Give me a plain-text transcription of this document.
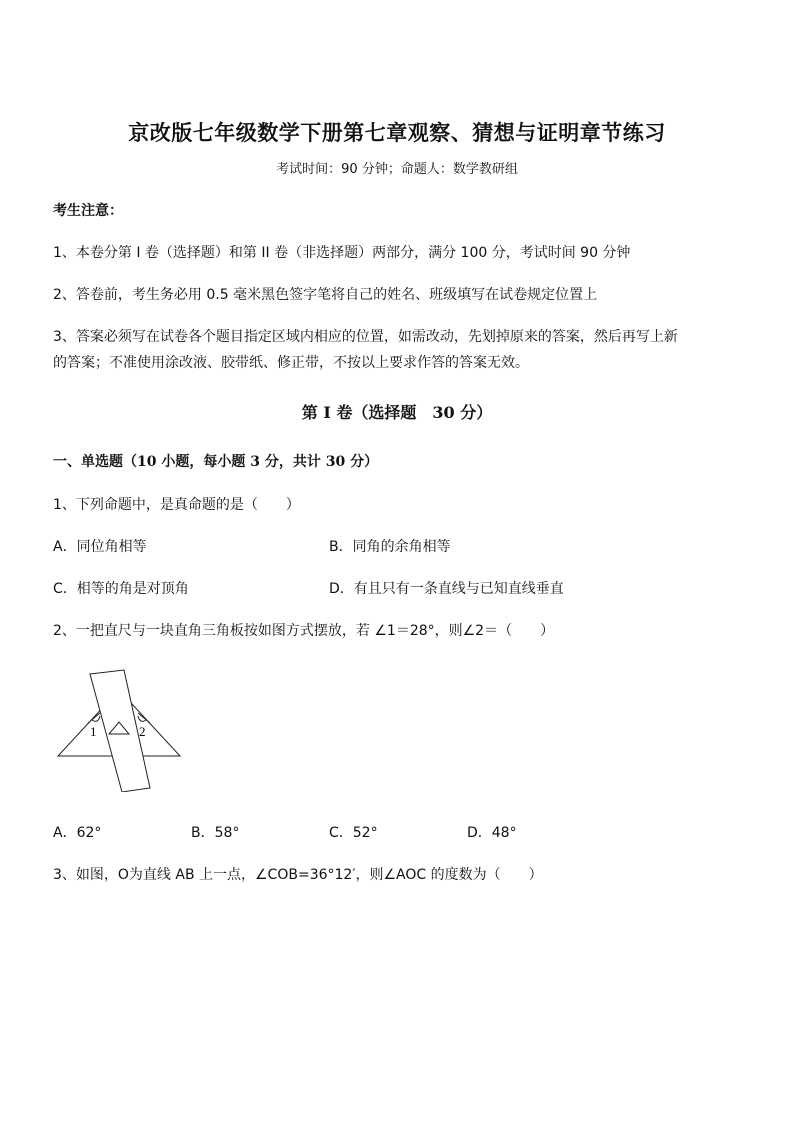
京改版七年级数学下册第七章观察、猜想与证明章节练习
考试时间：90 分钟；命题人：数学教研组
考生注意：
1、本卷分第 I 卷（选择题）和第 II 卷（非选择题）两部分，满分 100 分，考试时间 90 分钟
2、答卷前，考生务必用 0.5 毫米黑色签字笔将自己的姓名、班级填写在试卷规定位置上
3、答案必须写在试卷各个题目指定区域内相应的位置，如需改动，先划掉原来的答案，然后再写上新
的答案；不准使用涂改液、胶带纸、修正带，不按以上要求作答的答案无效。
第 I 卷（选择题　30 分）
一、单选题（10 小题，每小题 3 分，共计 30 分）
1、下列命题中，是真命题的是（　　）
A．同位角相等	B．同角的余角相等
C．相等的角是对顶角	D．有且只有一条直线与已知直线垂直
2、一把直尺与一块直角三角板按如图方式摆放，若 ∠1＝28°，则∠2＝（　　）
1	2
A．62°	B．58°	C．52°	D．48°
3、如图，O为直线 AB 上一点，∠COB=36°12′，则∠AOC 的度数为（　　）
